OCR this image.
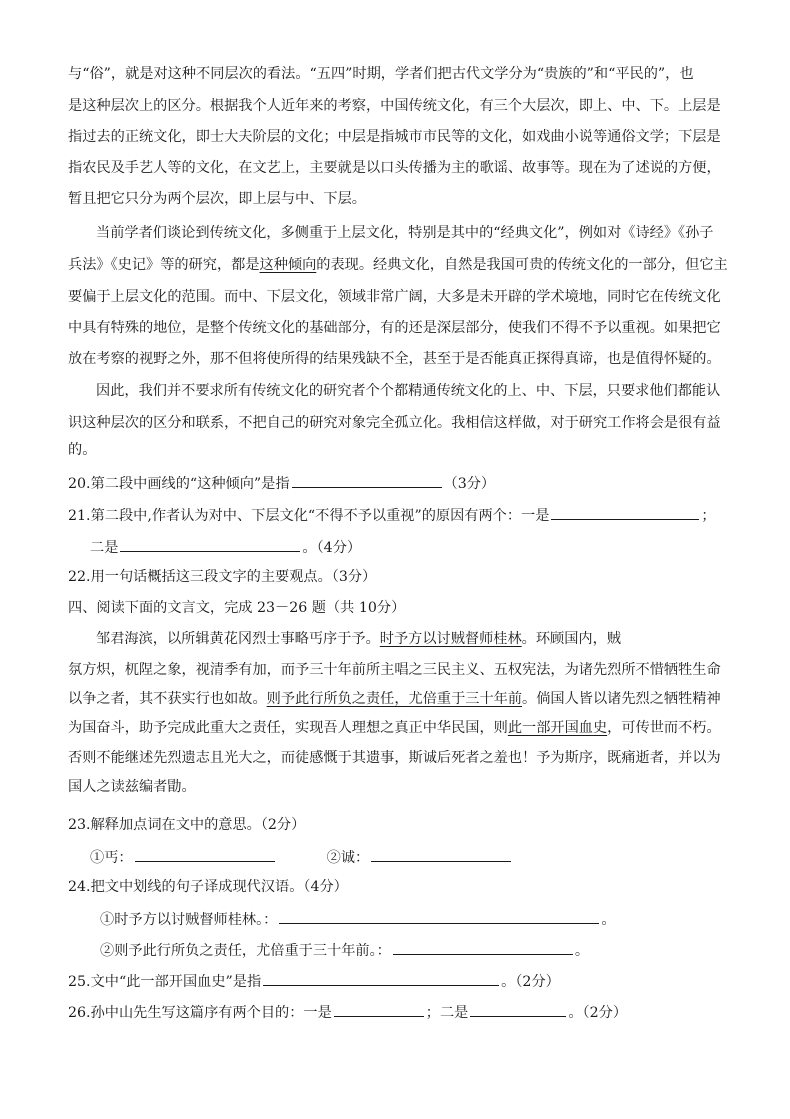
与“俗”，就是对这种不同层次的看法。“五四”时期，学者们把古代文学分为“贵族的”和“平民的”，也
是这种层次上的区分。根据我个人近年来的考察，中国传统文化，有三个大层次，即上、中、下。上层是
指过去的正统文化，即士大夫阶层的文化；中层是指城市市民等的文化，如戏曲小说等通俗文学；下层是
指农民及手艺人等的文化，在文艺上，主要就是以口头传播为主的歌谣、故事等。现在为了述说的方便，
暂且把它只分为两个层次，即上层与中、下层。
当前学者们谈论到传统文化，多侧重于上层文化，特别是其中的“经典文化”，例如对《诗经》《孙子
兵法》《史记》等的研究，都是这种倾向的表现。经典文化，自然是我国可贵的传统文化的一部分，但它主
要偏于上层文化的范围。而中、下层文化，领域非常广阔，大多是未开辟的学术境地，同时它在传统文化
中具有特殊的地位，是整个传统文化的基础部分，有的还是深层部分，使我们不得不予以重视。如果把它
放在考察的视野之外，那不但将使所得的结果残缺不全，甚至于是否能真正探得真谛，也是值得怀疑的。
因此，我们并不要求所有传统文化的研究者个个都精通传统文化的上、中、下层，只要求他们都能认
识这种层次的区分和联系，不把自己的研究对象完全孤立化。我相信这样做，对于研究工作将会是很有益
的。
20.第二段中画线的“这种倾向”是指	（3分）
21.第二段中,作者认为对中、下层文化“不得不予以重视”的原因有两个：一是	；
二是	。（4分）
22.用一句话概括这三段文字的主要观点。（3分）
四、阅读下面的文言文，完成 23－26 题（共 10分）
邹君海滨，以所辑黄花冈烈士事略丐序于予。时予方以讨贼督师桂林。环顾国内，贼
氛方炽，杌陧之象，视清季有加，而予三十年前所主唱之三民主义、五权宪法，为诸先烈所不惜牺牲生命
以争之者，其不获实行也如故。则予此行所负之责任，尤倍重于三十年前。倘国人皆以诸先烈之牺牲精神
为国奋斗，助予完成此重大之责任，实现吾人理想之真正中华民国，则此一部开国血史，可传世而不朽。
否则不能继述先烈遗志且光大之，而徒感慨于其遗事，斯诚后死者之羞也！予为斯序，既痛逝者，并以为
国人之读兹编者勖。
23.解释加点词在文中的意思。（2分）
①丐：	②诚：
24.把文中划线的句子译成现代汉语。（4分）
①时予方以讨贼督师桂林。：	。
②则予此行所负之责任，尤倍重于三十年前。：	。
25.文中“此一部开国血史”是指	。（2分）
26.孙中山先生写这篇序有两个目的：一是	；二是	。（2分）
